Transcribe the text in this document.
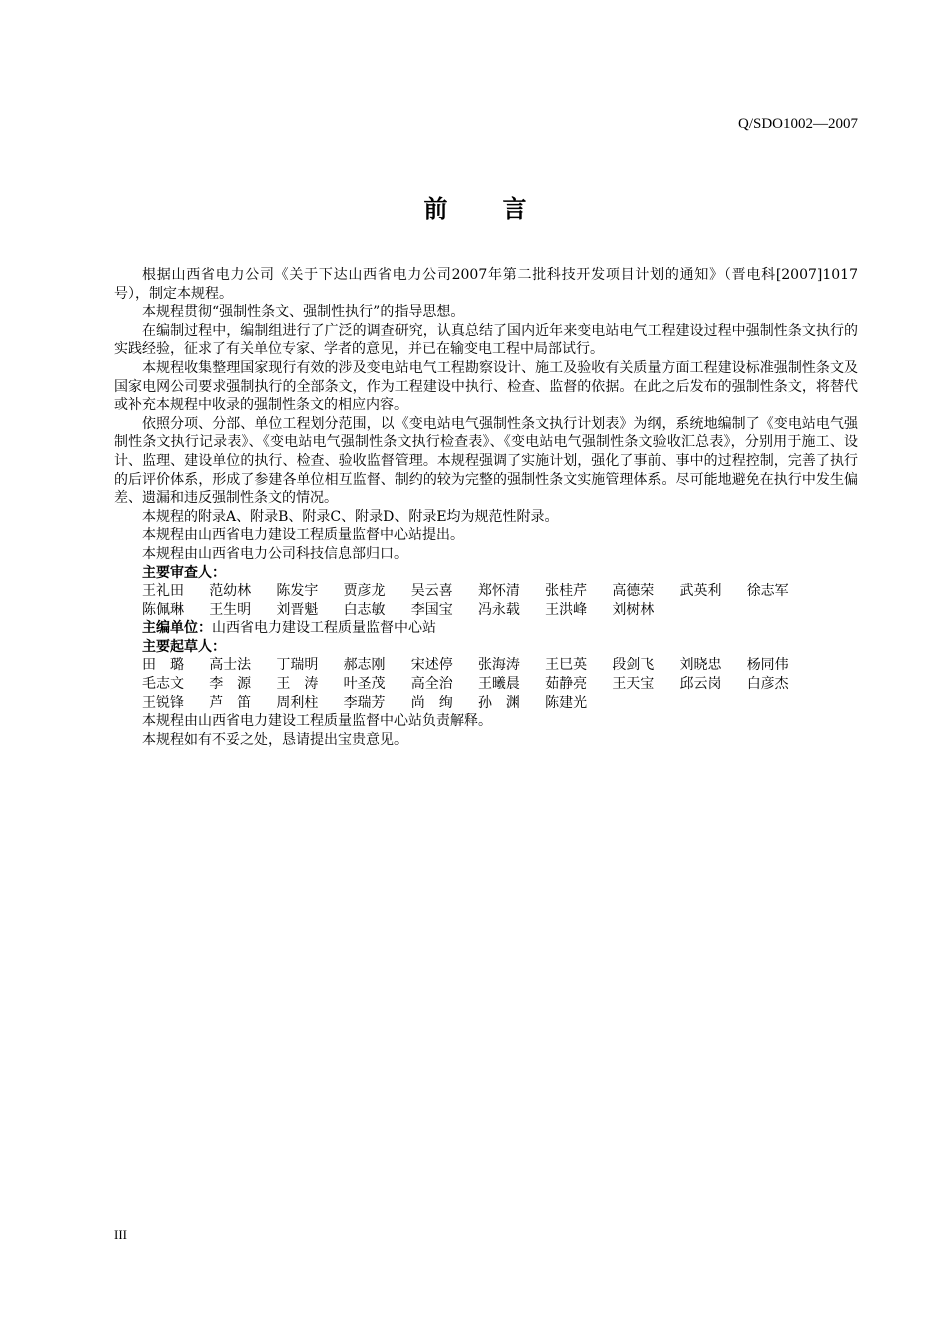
Q/SDO1002—2007
前言

根据山西省电力公司《关于下达山西省电力公司2007年第二批科技开发项目计划的通知》（晋电科[2007]1017号），制定本规程。

本规程贯彻“强制性条文、强制性执行”的指导思想。

在编制过程中，编制组进行了广泛的调查研究，认真总结了国内近年来变电站电气工程建设过程中强制性条文执行的实践经验，征求了有关单位专家、学者的意见，并已在输变电工程中局部试行。

本规程收集整理国家现行有效的涉及变电站电气工程勘察设计、施工及验收有关质量方面工程建设标准强制性条文及国家电网公司要求强制执行的全部条文，作为工程建设中执行、检查、监督的依据。在此之后发布的强制性条文，将替代或补充本规程中收录的强制性条文的相应内容。

依照分项、分部、单位工程划分范围，以《变电站电气强制性条文执行计划表》为纲，系统地编制了《变电站电气强制性条文执行记录表》、《变电站电气强制性条文执行检查表》、《变电站电气强制性条文验收汇总表》，分别用于施工、设计、监理、建设单位的执行、检查、验收监督管理。本规程强调了实施计划，强化了事前、事中的过程控制，完善了执行的后评价体系，形成了参建各单位相互监督、制约的较为完整的强制性条文实施管理体系。尽可能地避免在执行中发生偏差、遗漏和违反强制性条文的情况。

本规程的附录A、附录B、附录C、附录D、附录E均为规范性附录。

本规程由山西省电力建设工程质量监督中心站提出。

本规程由山西省电力公司科技信息部归口。

主要审查人：

王礼田	范幼林	陈发宇	贾彦龙	吴云喜	郑怀清	张桂芹	高德荣	武英利	徐志军
陈佩琳	王生明	刘晋魁	白志敏	李国宝	冯永载	王洪峰	刘树林

主编单位：山西省电力建设工程质量监督中心站

主要起草人：

田　璐	高士法	丁瑞明	郝志刚	宋述停	张海涛	王巳英	段剑飞	刘晓忠	杨同伟
毛志文	李　源	王　涛	叶圣茂	高全治	王曦晨	茹静亮	王天宝	邱云岗	白彦杰
王锐锋	芦　笛	周利柱	李瑞芳	尚　绚	孙　渊	陈建光

本规程由山西省电力建设工程质量监督中心站负责解释。

本规程如有不妥之处，恳请提出宝贵意见。

III
